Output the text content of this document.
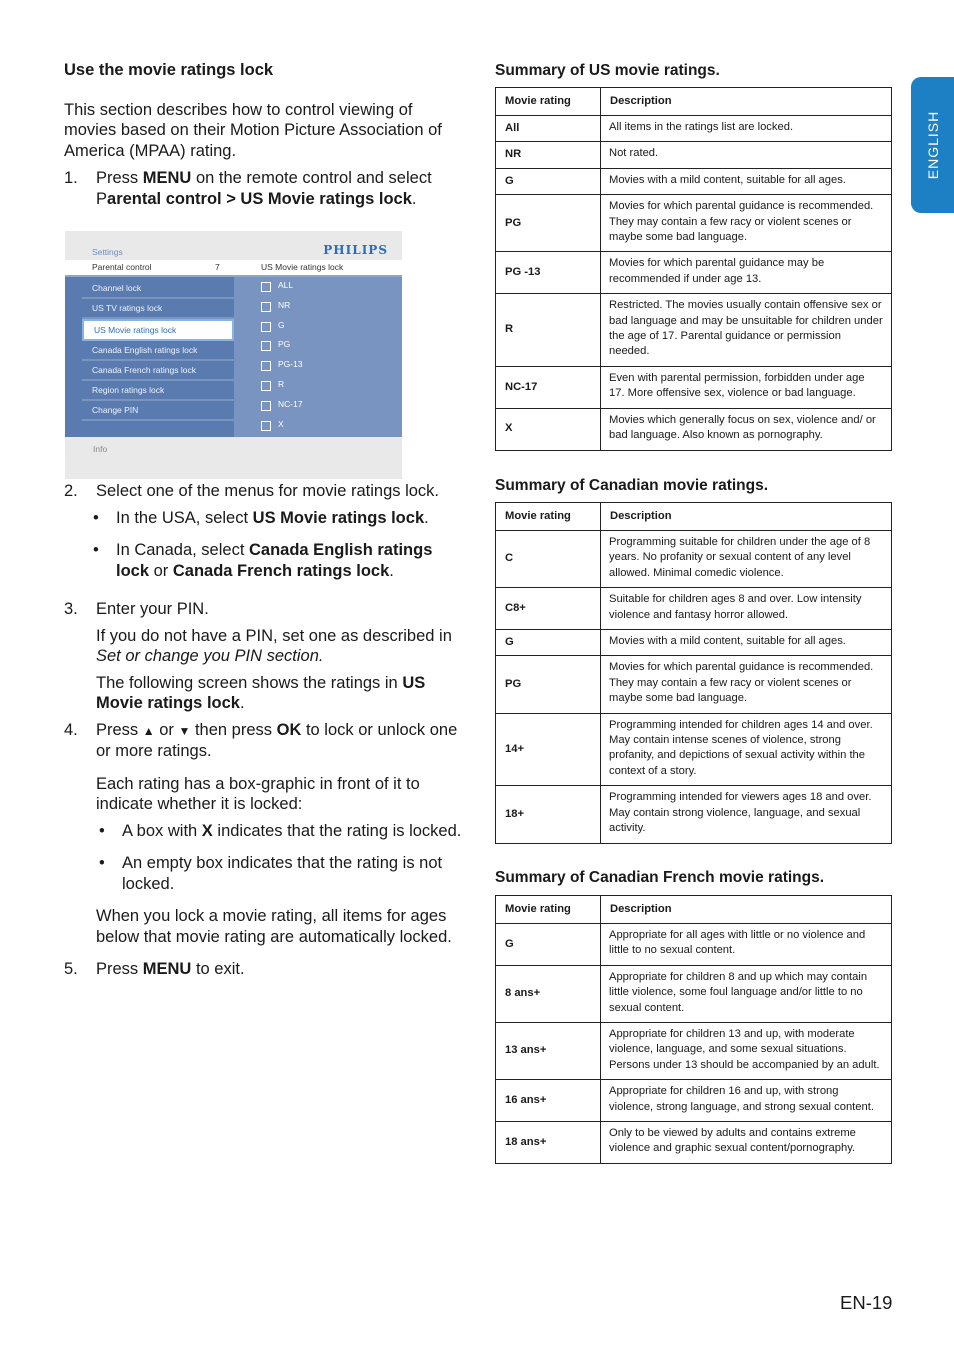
ENGLISH
Use the movie ratings lock
This section describes how to control viewing of movies based on their Motion Picture Association of America (MPAA) rating.
1. Press MENU on the remote control and select Parental control > US Movie ratings lock.
2. Select one of the menus for movie ratings lock.
• In the USA, select US Movie ratings lock.
• In Canada, select Canada English ratings lock or Canada French ratings lock.
3. Enter your PIN.
If you do not have a PIN, set one as described in Set or change you PIN section.
The following screen shows the ratings in US Movie ratings lock.
4. Press ▲ or ▼ then press OK to lock or unlock one or more ratings.
Each rating has a box-graphic in front of it to indicate whether it is locked:
• A box with X indicates that the rating is locked.
• An empty box indicates that the rating is not locked.
When you lock a movie rating, all items for ages below that movie rating are automatically locked.
5. Press MENU to exit.
Settings	PHILIPS
Parental control	7	US Movie ratings lock
Channel lock
US TV ratings lock
US Movie ratings lock
Canada English ratings lock
Canada French ratings lock
Region ratings lock
Change PIN
ALL
NR
G
PG
PG-13
R
NC-17
X
Info
Summary of US movie ratings.
Movie rating	Description
All	All items in the ratings list are locked.
NR	Not rated.
G	Movies with a mild content, suitable for all ages.
PG	Movies for which parental guidance is recommended. They may contain a few racy or violent scenes or maybe some bad language.
PG -13	Movies for which parental guidance may be recommended if under age 13.
R	Restricted. The movies usually contain offensive sex or bad language and may be unsuitable for children under the age of 17. Parental guidance or permission needed.
NC-17	Even with parental permission, forbidden under age 17. More offensive sex, violence or bad language.
X	Movies which generally focus on sex, violence and/ or bad language. Also known as pornography.
Summary of Canadian movie ratings.
Movie rating	Description
C	Programming suitable for children under the age of 8 years. No profanity or sexual content of any level allowed. Minimal comedic violence.
C8+	Suitable for children ages 8 and over. Low intensity violence and fantasy horror allowed.
G	Movies with a mild content, suitable for all ages.
PG	Movies for which parental guidance is recommended. They may contain a few racy or violent scenes or maybe some bad language.
14+	Programming intended for children ages 14 and over. May contain intense scenes of violence, strong profanity, and depictions of sexual activity within the context of a story.
18+	Programming intended for viewers ages 18 and over. May contain strong violence, language, and sexual activity.
Summary of Canadian French movie ratings.
Movie rating	Description
G	Appropriate for all ages with little or no violence and little to no sexual content.
8 ans+	Appropriate for children 8 and up which may contain little violence, some foul language and/or little to no sexual content.
13 ans+	Appropriate for children 13 and up, with moderate violence, language, and some sexual situations. Persons under 13 should be accompanied by an adult.
16 ans+	Appropriate for children 16 and up, with strong violence, strong language, and strong sexual content.
18 ans+	Only to be viewed by adults and contains extreme violence and graphic sexual content/pornography.
EN-19
